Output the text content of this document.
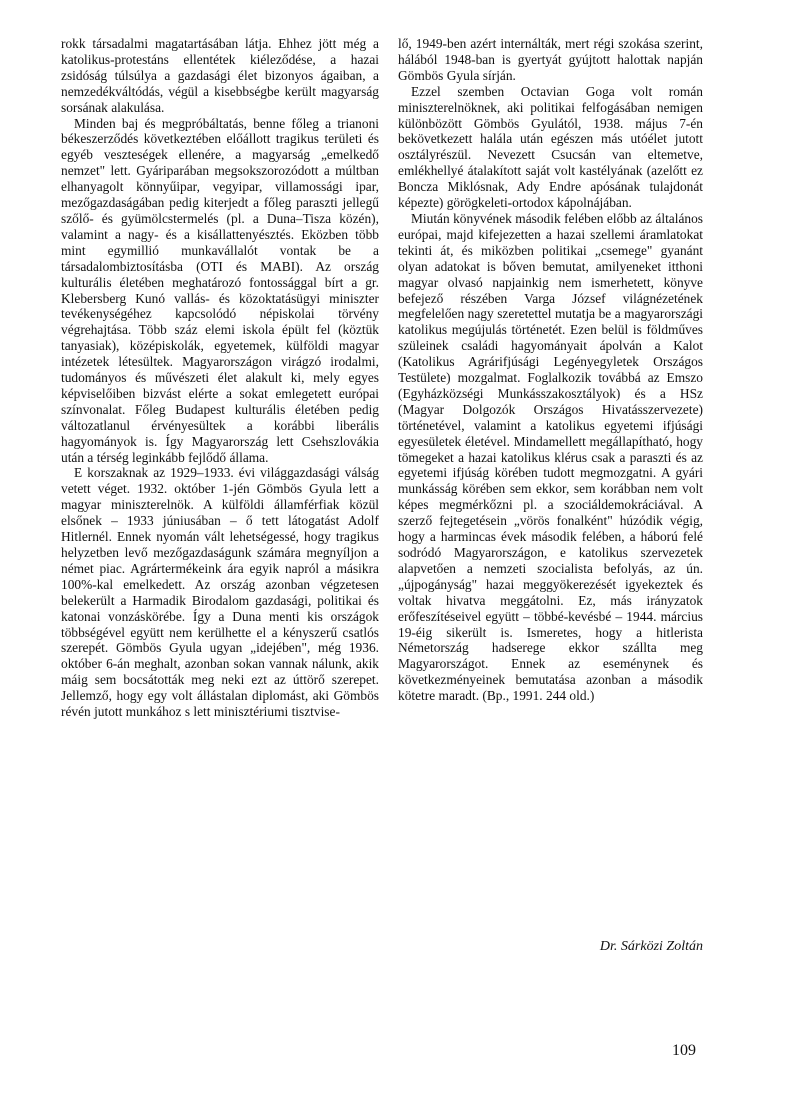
rokk társadalmi magatartásában látja. Ehhez jött még a katolikus-protestáns ellentétek kiéleződése, a hazai zsidóság túlsúlya a gazdasági élet bizonyos ágaiban, a nemzedékváltódás, végül a kisebbségbe került magyarság sorsának alakulása.

Minden baj és megpróbáltatás, benne főleg a trianoni békeszerződés következtében előállott tragikus területi és egyéb veszteségek ellenére, a magyarság „emelkedő nemzet" lett. Gyáriparában megsokszorozódott a múltban elhanyagolt könnyűipar, vegyipar, villamossági ipar, mezőgazdaságában pedig kiterjedt a főleg paraszti jellegű szőlő- és gyümölcstermelés (pl. a Duna–Tisza közén), valamint a nagy- és a kisállattenyésztés. Eközben több mint egymillió munkavállalót vontak be a társadalombiztosításba (OTI és MABI). Az ország kulturális életében meghatározó fontossággal bírt a gr. Klebersberg Kunó vallás- és közoktatásügyi miniszter tevékenységéhez kapcsolódó népiskolai törvény végrehajtása. Több száz elemi iskola épült fel (köztük tanyasiak), középiskolák, egyetemek, külföldi magyar intézetek létesültek. Magyarországon virágzó irodalmi, tudományos és művészeti élet alakult ki, mely egyes képviselőiben bizvást elérte a sokat emlegetett európai színvonalat. Főleg Budapest kulturális életében pedig változatlanul érvényesültek a korábbi liberális hagyományok is. Így Magyarország lett Csehszlovákia után a térség leginkább fejlődő állama.

E korszaknak az 1929–1933. évi világgazdasági válság vetett véget. 1932. október 1-jén Gömbös Gyula lett a magyar miniszterelnök. A külföldi államférfiak közül elsőnek – 1933 júniusában – ő tett látogatást Adolf Hitlernél. Ennek nyomán vált lehetségessé, hogy tragikus helyzetben levő mezőgazdaságunk számára megnyíljon a német piac. Agrártermékeink ára egyik napról a másikra 100%-kal emelkedett. Az ország azonban végzetesen belekerült a Harmadik Birodalom gazdasági, politikai és katonai vonzáskörébe. Így a Duna menti kis országok többségével együtt nem kerülhette el a kényszerű csatlós szerepét. Gömbös Gyula ugyan „idejében", még 1936. október 6-án meghalt, azonban sokan vannak nálunk, akik máig sem bocsátották meg neki ezt az úttörő szerepet. Jellemző, hogy egy volt állástalan diplomást, aki Gömbös révén jutott munkához s lett minisztériumi tisztvise-

lő, 1949-ben azért internálták, mert régi szokása szerint, hálából 1948-ban is gyertyát gyújtott halottak napján Gömbös Gyula sírján.

Ezzel szemben Octavian Goga volt román miniszterelnöknek, aki politikai felfogásában nemigen különbözött Gömbös Gyulától, 1938. május 7-én bekövetkezett halála után egészen más utóélet jutott osztályrészül. Nevezett Csucsán van eltemetve, emlékhellyé átalakított saját volt kastélyának (azelőtt ez Boncza Miklósnak, Ady Endre apósának tulajdonát képezte) görögkeleti-ortodox kápolnájában.

Miután könyvének második felében előbb az általános európai, majd kifejezetten a hazai szellemi áramlatokat tekinti át, és miközben politikai „csemege" gyanánt olyan adatokat is bőven bemutat, amilyeneket itthoni magyar olvasó napjainkig nem ismerhetett, könyve befejező részében Varga József világnézetének megfelelően nagy szeretettel mutatja be a magyarországi katolikus megújulás történetét. Ezen belül is földműves szüleinek családi hagyományait ápolván a Kalot (Katolikus Agrárifjúsági Legényegyletek Országos Testülete) mozgalmat. Foglalkozik továbbá az Emszo (Egyházközségi Munkásszakosztályok) és a HSz (Magyar Dolgozók Országos Hivatásszervezete) történetével, valamint a katolikus egyetemi ifjúsági egyesületek életével. Mindamellett megállapítható, hogy tömegeket a hazai katolikus klérus csak a paraszti és az egyetemi ifjúság körében tudott megmozgatni. A gyári munkásság körében sem ekkor, sem korábban nem volt képes megmérkőzni pl. a szociáldemokráciával. A szerző fejtegetésein „vörös fonalként" húzódik végig, hogy a harmincas évek második felében, a háború felé sodródó Magyarországon, e katolikus szervezetek alapvetően a nemzeti szocialista befolyás, az ún. „újpogányság" hazai meggyökerezését igyekeztek és voltak hivatva meggátolni. Ez, más irányzatok erőfeszítéseivel együtt – többé-kevésbé – 1944. március 19-éig sikerült is. Ismeretes, hogy a hitlerista Németország hadserege ekkor szállta meg Magyarországot. Ennek az eseménynek és következményeinek bemutatása azonban a második kötetre maradt. (Bp., 1991. 244 old.)

Dr. Sárközi Zoltán
109
